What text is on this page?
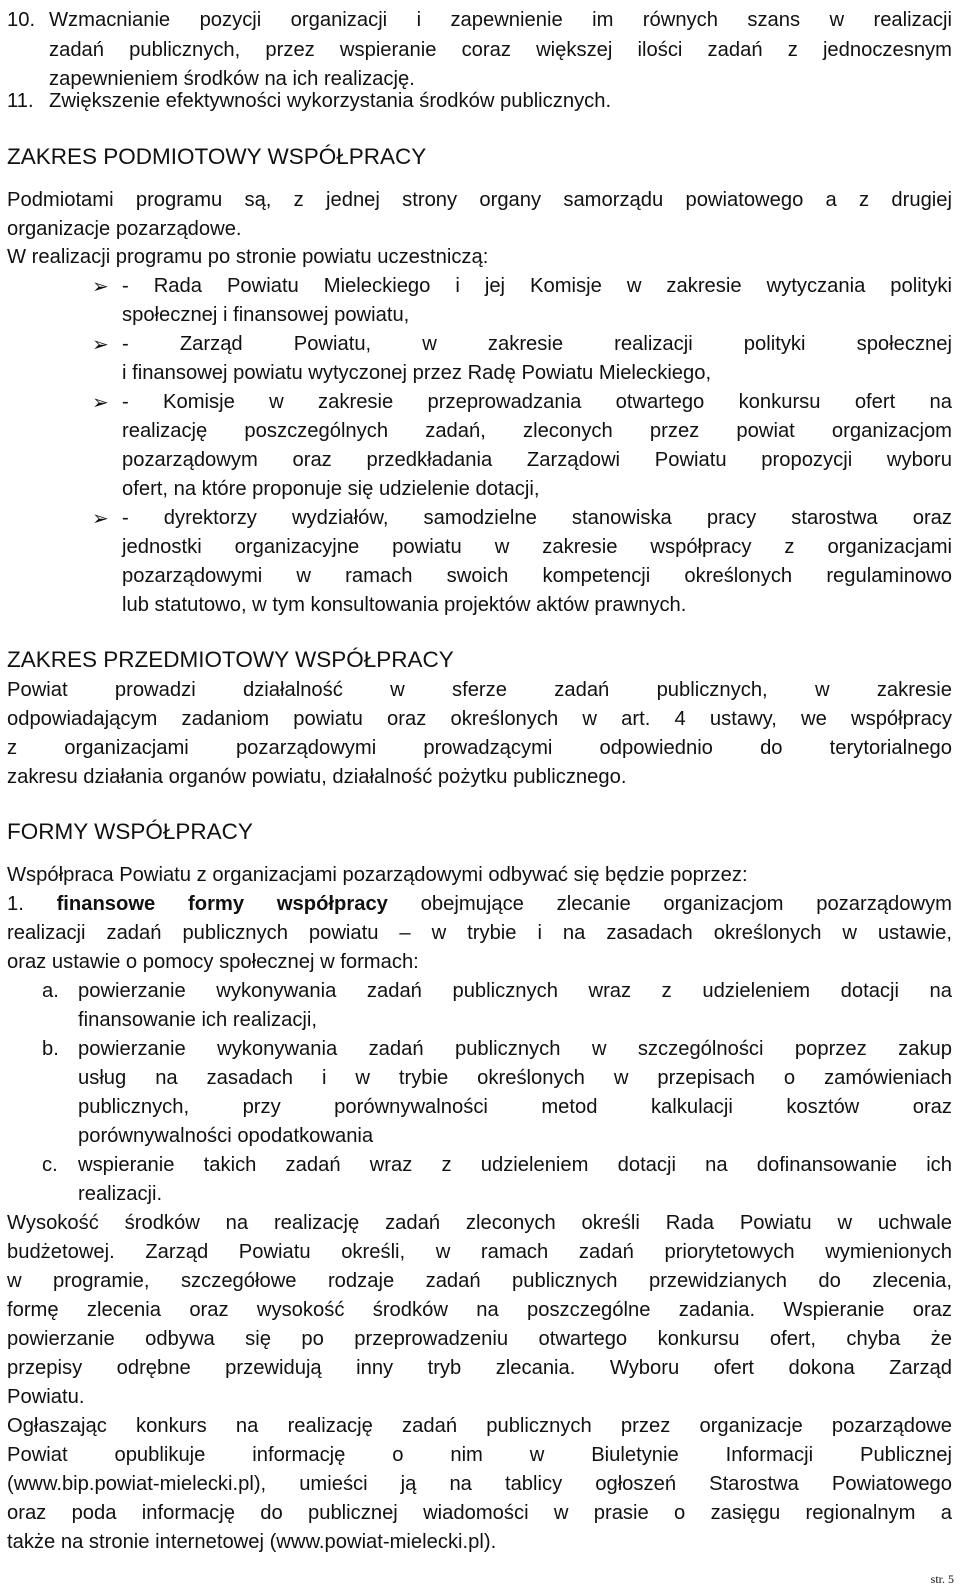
10. Wzmacnianie pozycji organizacji i zapewnienie im równych szans w realizacji
zadań publicznych, przez wspieranie coraz większej ilości zadań z jednoczesnym
zapewnieniem środków na ich realizację.
11. Zwiększenie efektywności wykorzystania środków publicznych.
ZAKRES PODMIOTOWY WSPÓŁPRACY
Podmiotami programu są, z jednej strony organy samorządu powiatowego a z drugiej
organizacje pozarządowe.
W realizacji programu po stronie powiatu uczestniczą:
➢ - Rada Powiatu Mieleckiego i jej Komisje w zakresie wytyczania polityki
społecznej i finansowej powiatu,
➢ - Zarząd Powiatu, w zakresie realizacji polityki społecznej
i finansowej powiatu wytyczonej przez Radę Powiatu Mieleckiego,
➢ - Komisje w zakresie przeprowadzania otwartego konkursu ofert na
realizację poszczególnych zadań, zleconych przez powiat organizacjom
pozarządowym oraz przedkładania Zarządowi Powiatu propozycji wyboru
ofert, na które proponuje się udzielenie dotacji,
➢ - dyrektorzy wydziałów, samodzielne stanowiska pracy starostwa oraz
jednostki organizacyjne powiatu w zakresie współpracy z organizacjami
pozarządowymi w ramach swoich kompetencji określonych regulaminowo
lub statutowo, w tym konsultowania projektów aktów prawnych.
ZAKRES PRZEDMIOTOWY WSPÓŁPRACY
Powiat prowadzi działalność w sferze zadań publicznych, w zakresie
odpowiadającym zadaniom powiatu oraz określonych w art. 4 ustawy, we współpracy
z organizacjami pozarządowymi prowadzącymi odpowiednio do terytorialnego
zakresu działania organów powiatu, działalność pożytku publicznego.
FORMY WSPÓŁPRACY
Współpraca Powiatu z organizacjami pozarządowymi odbywać się będzie poprzez:
1. finansowe formy współpracy obejmujące zlecanie organizacjom pozarządowym
realizacji zadań publicznych powiatu – w trybie i na zasadach określonych w ustawie,
oraz ustawie o pomocy społecznej w formach:
a. powierzanie wykonywania zadań publicznych wraz z udzieleniem dotacji na
finansowanie ich realizacji,
b. powierzanie wykonywania zadań publicznych w szczególności poprzez zakup
usług na zasadach i w trybie określonych w przepisach o zamówieniach
publicznych, przy porównywalności metod kalkulacji kosztów oraz
porównywalności opodatkowania
c. wspieranie takich zadań wraz z udzieleniem dotacji na dofinansowanie ich
realizacji.
Wysokość środków na realizację zadań zleconych określi Rada Powiatu w uchwale
budżetowej. Zarząd Powiatu określi, w ramach zadań priorytetowych wymienionych
w programie, szczegółowe rodzaje zadań publicznych przewidzianych do zlecenia,
formę zlecenia oraz wysokość środków na poszczególne zadania. Wspieranie oraz
powierzanie odbywa się po przeprowadzeniu otwartego konkursu ofert, chyba że
przepisy odrębne przewidują inny tryb zlecania. Wyboru ofert dokona Zarząd
Powiatu.
Ogłaszając konkurs na realizację zadań publicznych przez organizacje pozarządowe
Powiat opublikuje informację o nim w Biuletynie Informacji Publicznej
(www.bip.powiat-mielecki.pl), umieści ją na tablicy ogłoszeń Starostwa Powiatowego
oraz poda informację do publicznej wiadomości w prasie o zasięgu regionalnym a
także na stronie internetowej (www.powiat-mielecki.pl).
str. 5
